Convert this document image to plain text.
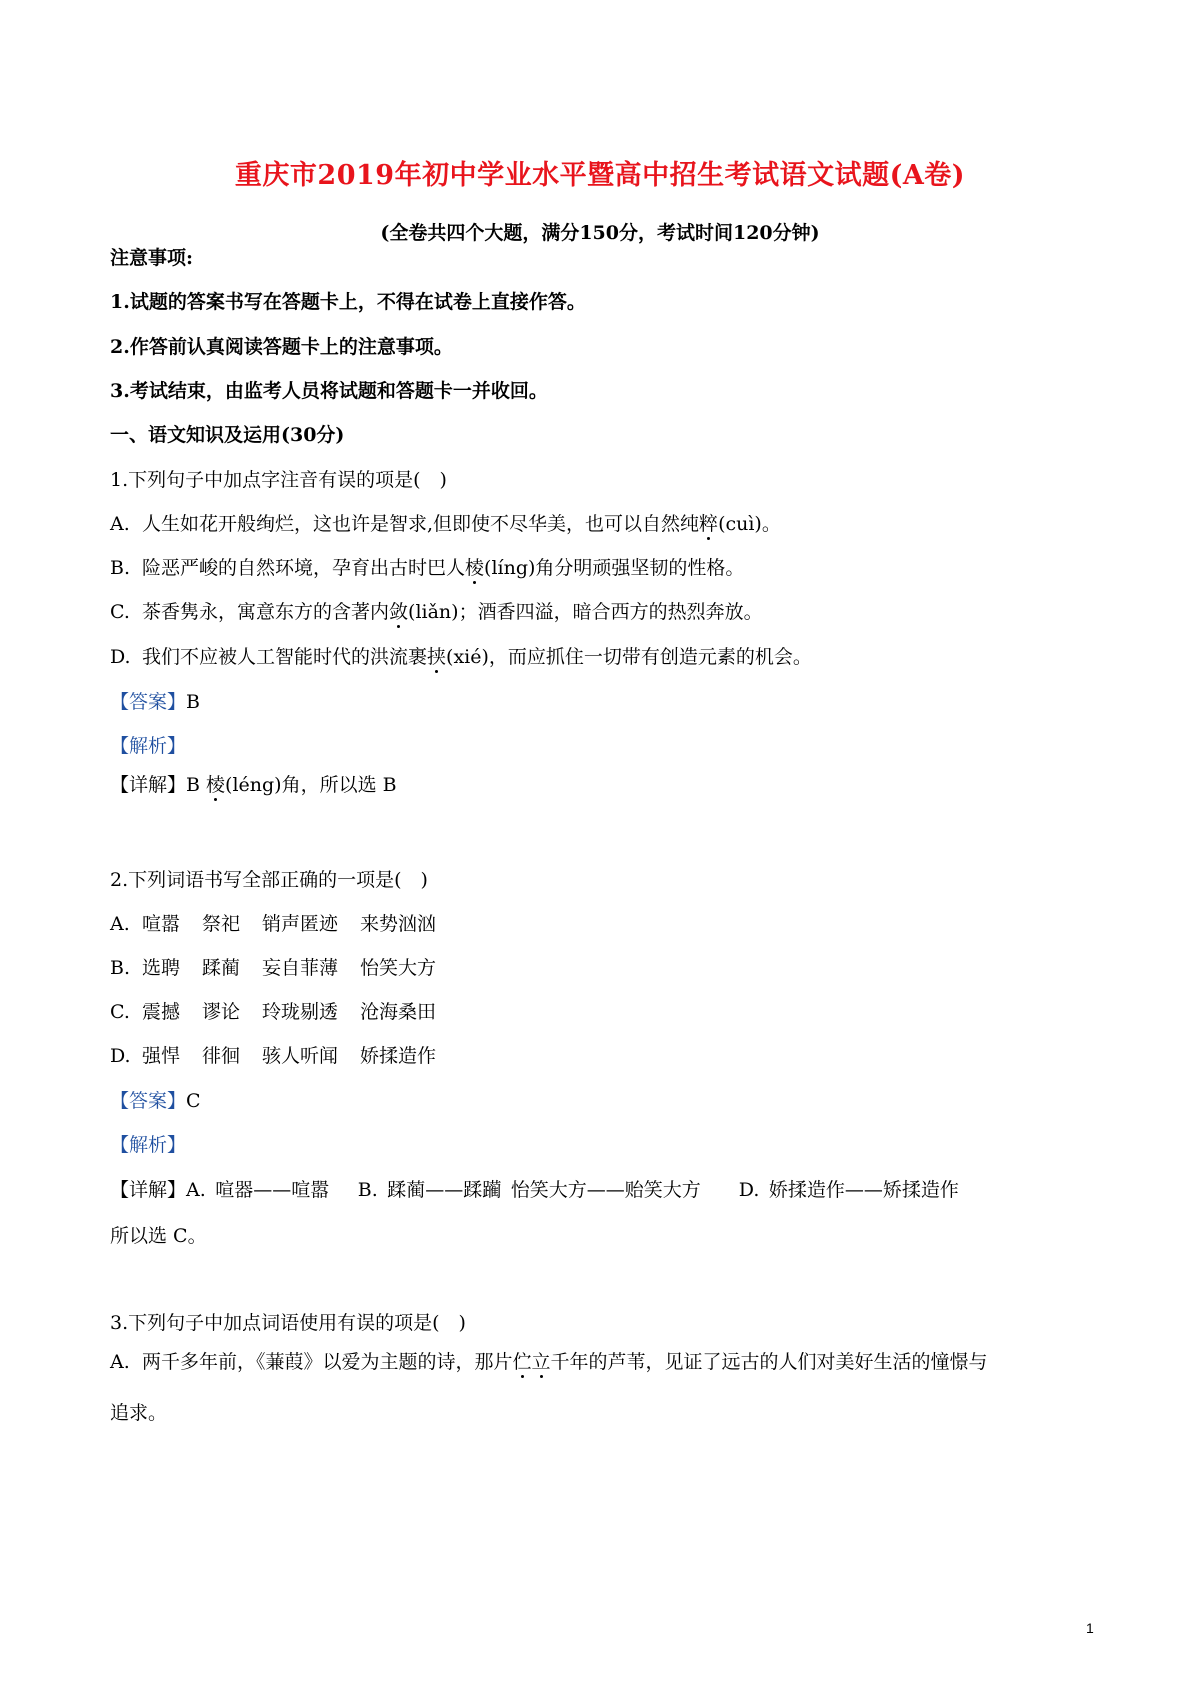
重庆市2019年初中学业水平暨高中招生考试语文试题(A卷)
(全卷共四个大题，满分150分，考试时间120分钟)
注意事项:
1.试题的答案书写在答题卡上，不得在试卷上直接作答。
2.作答前认真阅读答题卡上的注意事项。
3.考试结束，由监考人员将试题和答题卡一并收回。
一、语文知识及运用(30分)
1.下列句子中加点字注音有误的项是(　)
A. 人生如花开般绚烂，这也许是智求,但即使不尽华美，也可以自然纯粹(cuì)。
B. 险恶严峻的自然环境，孕育出古时巴人棱(líng)角分明顽强坚韧的性格。
C. 茶香隽永，寓意东方的含著内敛(liǎn)；酒香四溢，暗合西方的热烈奔放。
D. 我们不应被人工智能时代的洪流裹挟(xié)，而应抓住一切带有创造元素的机会。
【答案】B
【解析】
【详解】B 棱(léng)角，所以选 B
2.下列词语书写全部正确的一项是(　)
A. 喧嚣 祭祀 销声匿迹 来势汹汹
B. 选聘 蹂蔺 妄自菲薄 怡笑大方
C. 震撼 谬论 玲珑剔透 沧海桑田
D. 强悍 徘徊 骇人听闻 娇揉造作
【答案】C
【解析】
【详解】A. 喧器——喧嚣  B. 蹂蔺——蹂躏 怡笑大方——贻笑大方  D. 娇揉造作——矫揉造作
所以选 C。
3.下列句子中加点词语使用有误的项是(　)
A. 两千多年前，《蒹葭》以爱为主题的诗，那片伫立千年的芦苇，见证了远古的人们对美好生活的憧憬与
追求。
1
